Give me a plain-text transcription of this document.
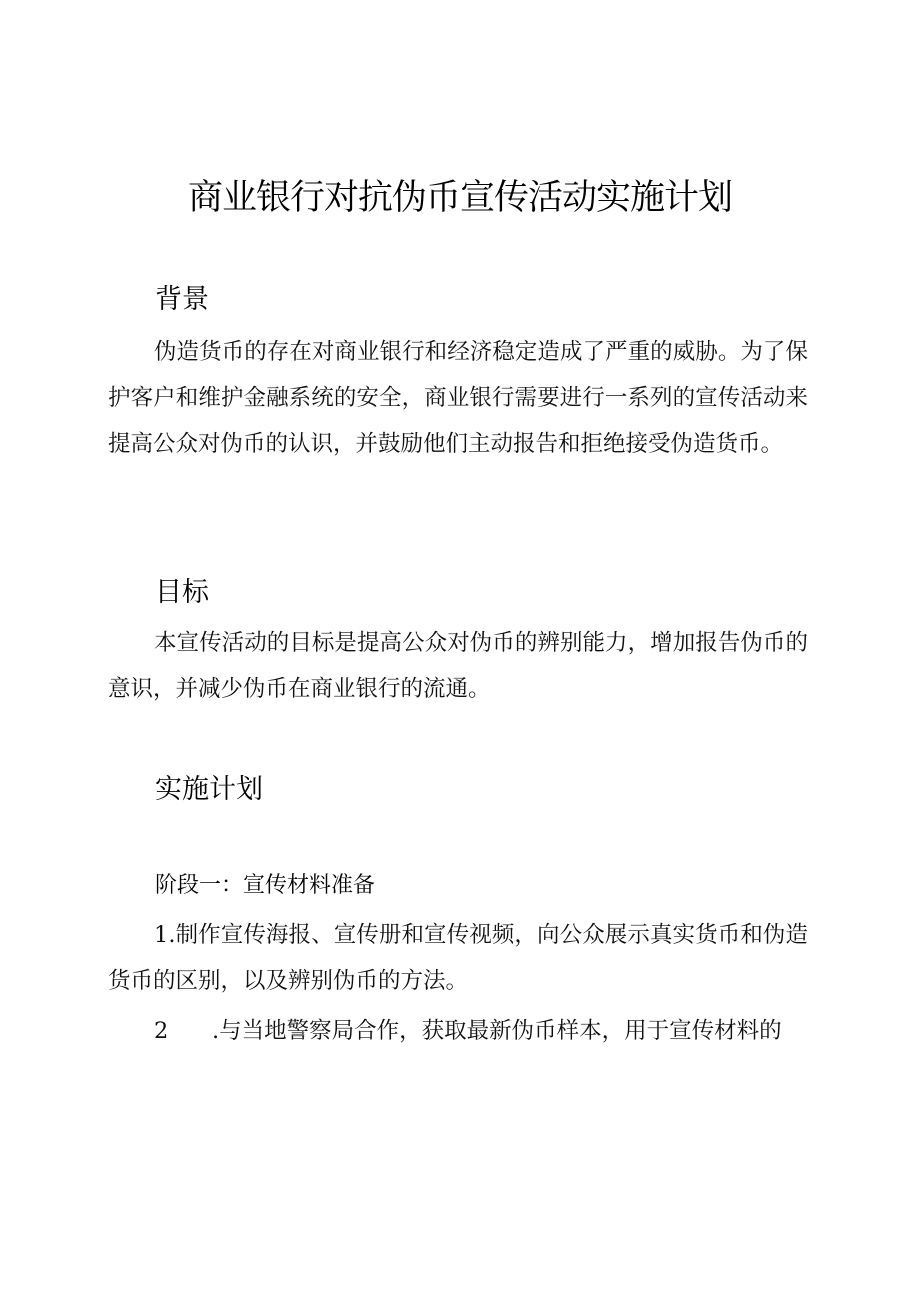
商业银行对抗伪币宣传活动实施计划
背景

伪造货币的存在对商业银行和经济稳定造成了严重的威胁。为了保护客户和维护金融系统的安全，商业银行需要进行一系列的宣传活动来提高公众对伪币的认识，并鼓励他们主动报告和拒绝接受伪造货币。

目标

本宣传活动的目标是提高公众对伪币的辨别能力，增加报告伪币的意识，并减少伪币在商业银行的流通。

实施计划
阶段一：宣传材料准备

1.制作宣传海报、宣传册和宣传视频，向公众展示真实货币和伪造货币的区别，以及辨别伪币的方法。

2 .与当地警察局合作，获取最新伪币样本，用于宣传材料的
